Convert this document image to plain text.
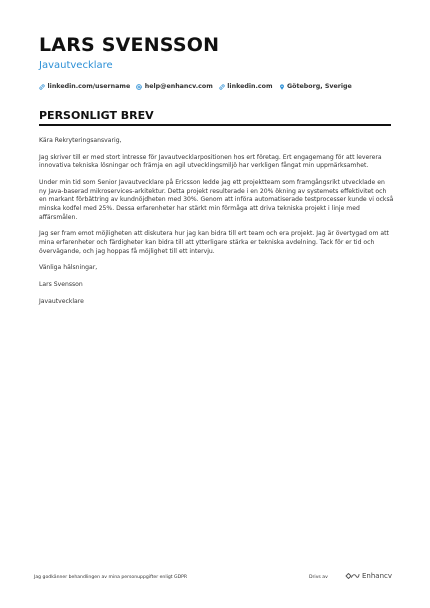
LARS SVENSSON
Javautvecklare
linkedin.com/username help@enhancv.com linkedin.com Göteborg, Sverige
PERSONLIGT BREV

Kära Rekryteringsansvarig,

Jag skriver till er med stort intresse för Javautvecklarpositionen hos ert företag. Ert engagemang för att leverera innovativa tekniska lösningar och främja en agil utvecklingsmiljö har verkligen fångat min uppmärksamhet.

Under min tid som Senior Javautvecklare på Ericsson ledde jag ett projektteam som framgångsrikt utvecklade en ny Java-baserad mikroservices-arkitektur. Detta projekt resulterade i en 20% ökning av systemets effektivitet och en markant förbättring av kundnöjdheten med 30%. Genom att införa automatiserade testprocesser kunde vi också minska kodfel med 25%. Dessa erfarenheter har stärkt min förmåga att driva tekniska projekt i linje med affärsmålen.

Jag ser fram emot möjligheten att diskutera hur jag kan bidra till ert team och era projekt. Jag är övertygad om att mina erfarenheter och färdigheter kan bidra till att ytterligare stärka er tekniska avdelning. Tack för er tid och övervägande, och jag hoppas få möjlighet till ett intervju.

Vänliga hälsningar,

Lars Svensson

Javautvecklare

Jag godkänner behandlingen av mina personuppgifter enligt GDPR	Drivs av	Enhancv
